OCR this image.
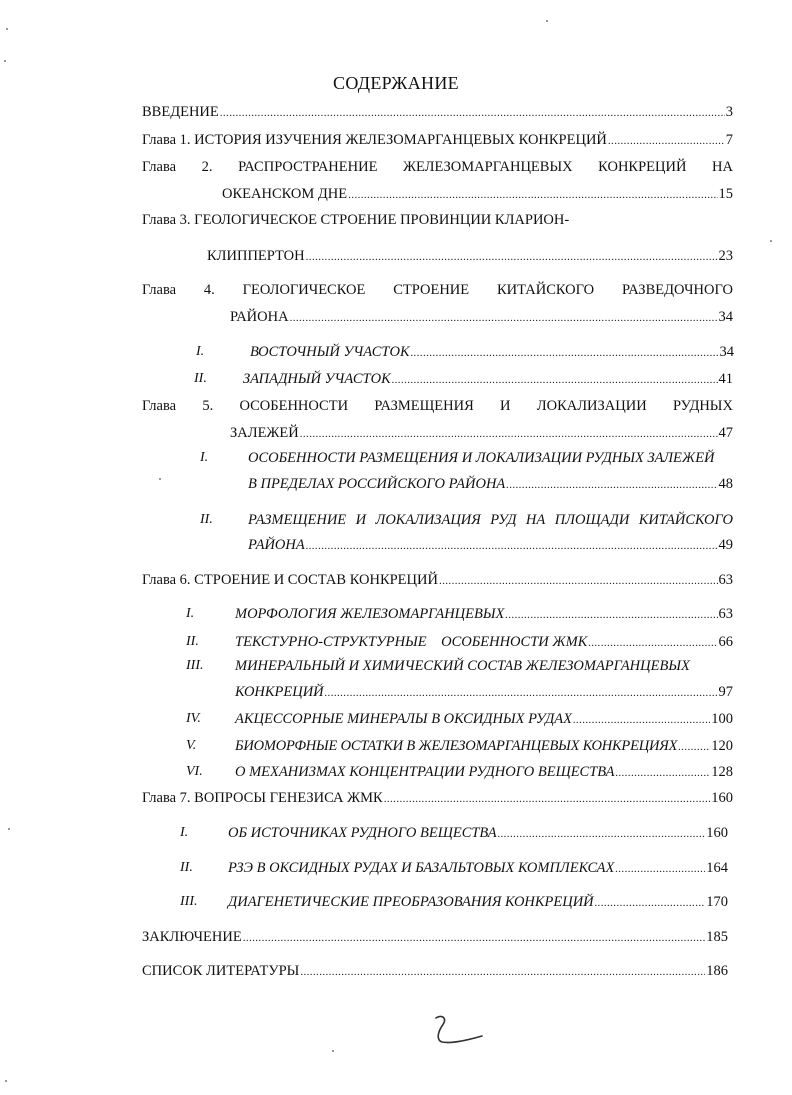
СОДЕРЖАНИЕ
ВВЕДЕНИЕ .....	3
Глава 1. ИСТОРИЯ ИЗУЧЕНИЯ ЖЕЛЕЗОМАРГАНЦЕВЫХ КОНКРЕЦИЙ .....	7
Глава 2. РАСПРОСТРАНЕНИЕ ЖЕЛЕЗОМАРГАНЦЕВЫХ КОНКРЕЦИЙ НА
ОКЕАНСКОМ ДНЕ .....	15
Глава 3. ГЕОЛОГИЧЕСКОЕ СТРОЕНИЕ ПРОВИНЦИИ КЛАРИОН-
КЛИППЕРТОН .....	23
Глава 4. ГЕОЛОГИЧЕСКОЕ СТРОЕНИЕ КИТАЙСКОГО РАЗВЕДОЧНОГО
РАЙОНА .....	34
I.	ВОСТОЧНЫЙ УЧАСТОК .....	34
II. ЗАПАДНЫЙ УЧАСТОК .....	41
Глава 5. ОСОБЕННОСТИ РАЗМЕЩЕНИЯ И ЛОКАЛИЗАЦИИ РУДНЫХ
ЗАЛЕЖЕЙ .....	47
I.	ОСОБЕННОСТИ РАЗМЕЩЕНИЯ И ЛОКАЛИЗАЦИИ РУДНЫХ ЗАЛЕЖЕЙ
В ПРЕДЕЛАХ РОССИЙСКОГО РАЙОНА .....	48
II. РАЗМЕЩЕНИЕ И ЛОКАЛИЗАЦИЯ РУД НА ПЛОЩАДИ КИТАЙСКОГО
РАЙОНА .....	49
Глава 6. СТРОЕНИЕ И СОСТАВ КОНКРЕЦИЙ .....	63
I.	МОРФОЛОГИЯ ЖЕЛЕЗОМАРГАНЦЕВЫХ .....	63
II. ТЕКСТУРНО-СТРУКТУРНЫЕ    ОСОБЕННОСТИ ЖМК .....	66
III. МИНЕРАЛЬНЫЙ И ХИМИЧЕСКИЙ СОСТАВ ЖЕЛЕЗОМАРГАНЦЕВЫХ
КОНКРЕЦИЙ .....	97
IV. АКЦЕССОРНЫЕ МИНЕРАЛЫ В ОКСИДНЫХ РУДАХ .....	100
V.	БИОМОРФНЫЕ ОСТАТКИ В ЖЕЛЕЗОМАРГАНЦЕВЫХ КОНКРЕЦИЯХ ..... 120
VI. О МЕХАНИЗМАХ КОНЦЕНТРАЦИИ РУДНОГО ВЕЩЕСТВА .....	128
Глава 7. ВОПРОСЫ ГЕНЕЗИСА ЖМК .....	160
I.	ОБ ИСТОЧНИКАХ РУДНОГО ВЕЩЕСТВА .....	160
II. РЗЭ В ОКСИДНЫХ РУДАХ И БАЗАЛЬТОВЫХ КОМПЛЕКСАХ .....	164
III. ДИАГЕНЕТИЧЕСКИЕ ПРЕОБРАЗОВАНИЯ КОНКРЕЦИЙ .....	170
ЗАКЛЮЧЕНИЕ .....	185
СПИСОК ЛИТЕРАТУРЫ .....	186
